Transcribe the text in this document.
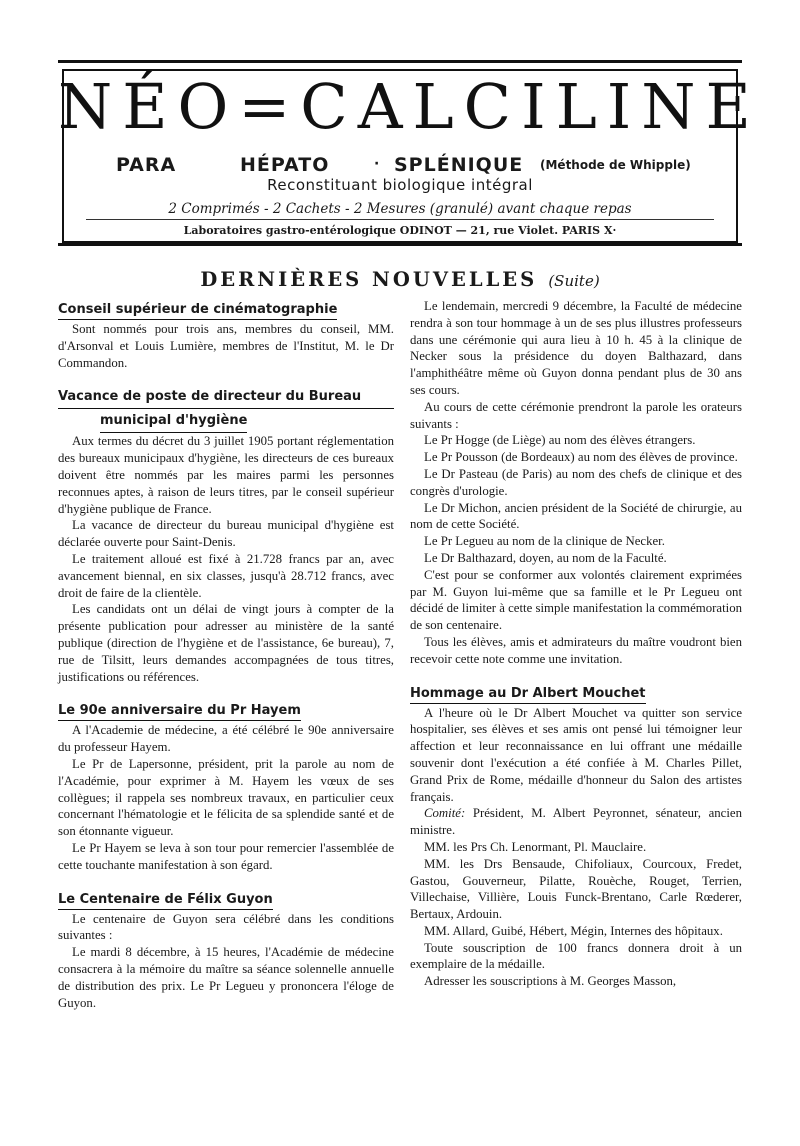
NÉO=CALCILINE
PARA	HÉPATO	· SPLÉNIQUE (Méthode de Whipple)
Reconstituant biologique intégral
2 Comprimés - 2 Cachets - 2 Mesures (granulé) avant chaque repas
Laboratoires gastro-entérologique ODINOT — 21, rue Violet. PARIS X·
DERNIÈRES NOUVELLES (Suite)
Conseil supérieur de cinématographie

Sont nommés pour trois ans, membres du conseil, MM. d'Arsonval et Louis Lumière, membres de l'Institut, M. le Dr Commandon.

Vacance de poste de directeur du Bureau
municipal d'hygiène

Aux termes du décret du 3 juillet 1905 portant réglementation des bureaux municipaux d'hygiène, les directeurs de ces bureaux doivent être nommés par les maires parmi les personnes reconnues aptes, à raison de leurs titres, par le conseil supérieur d'hygiène publique de France.

La vacance de directeur du bureau municipal d'hygiène est déclarée ouverte pour Saint-Denis.

Le traitement alloué est fixé à 21.728 francs par an, avec avancement biennal, en six classes, jusqu'à 28.712 francs, avec droit de faire de la clientèle.

Les candidats ont un délai de vingt jours à compter de la présente publication pour adresser au ministère de la santé publique (direction de l'hygiène et de l'assistance, 6e bureau), 7, rue de Tilsitt, leurs demandes accompagnées de tous titres, justifications ou références.

Le 90e anniversaire du Pr Hayem

A l'Academie de médecine, a été célébré le 90e anniversaire du professeur Hayem.

Le Pr de Lapersonne, président, prit la parole au nom de l'Académie, pour exprimer à M. Hayem les vœux de ses collègues; il rappela ses nombreux travaux, en particulier ceux concernant l'hématologie et le félicita de sa splendide santé et de son étonnante vigueur.

Le Pr Hayem se leva à son tour pour remercier l'assemblée de cette touchante manifestation à son égard.

Le Centenaire de Félix Guyon

Le centenaire de Guyon sera célébré dans les conditions suivantes :

Le mardi 8 décembre, à 15 heures, l'Académie de médecine consacrera à la mémoire du maître sa séance solennelle annuelle de distribution des prix. Le Pr Legueu y prononcera l'éloge de Guyon.

Le lendemain, mercredi 9 décembre, la Faculté de médecine rendra à son tour hommage à un de ses plus illustres professeurs dans une cérémonie qui aura lieu à 10 h. 45 à la clinique de Necker sous la présidence du doyen Balthazard, dans l'amphithéâtre même où Guyon donna pendant plus de 30 ans ses cours.

Au cours de cette cérémonie prendront la parole les orateurs suivants :

Le Pr Hogge (de Liège) au nom des élèves étrangers.

Le Pr Pousson (de Bordeaux) au nom des élèves de province.

Le Dr Pasteau (de Paris) au nom des chefs de clinique et des congrès d'urologie.

Le Dr Michon, ancien président de la Société de chirurgie, au nom de cette Société.

Le Pr Legueu au nom de la clinique de Necker.

Le Dr Balthazard, doyen, au nom de la Faculté.

C'est pour se conformer aux volontés clairement exprimées par M. Guyon lui-même que sa famille et le Pr Legueu ont décidé de limiter à cette simple manifestation la commémoration de son centenaire.

Tous les élèves, amis et admirateurs du maître voudront bien recevoir cette note comme une invitation.

Hommage au Dr Albert Mouchet

A l'heure où le Dr Albert Mouchet va quitter son service hospitalier, ses élèves et ses amis ont pensé lui témoigner leur affection et leur reconnaissance en lui offrant une médaille souvenir dont l'exécution a été confiée à M. Charles Pillet, Grand Prix de Rome, médaille d'honneur du Salon des artistes français.

Comité: Président, M. Albert Peyronnet, sénateur, ancien ministre.

MM. les Prs Ch. Lenormant, Pl. Mauclaire.

MM. les Drs Bensaude, Chifoliaux, Courcoux, Fredet, Gastou, Gouverneur, Pilatte, Rouèche, Rouget, Terrien, Villechaise, Villière, Louis Funck-Brentano, Carle Rœderer, Bertaux, Ardouin.

MM. Allard, Guibé, Hébert, Mégin, Internes des hôpitaux.

Toute souscription de 100 francs donnera droit à un exemplaire de la médaille.

Adresser les souscriptions à M. Georges Masson,
